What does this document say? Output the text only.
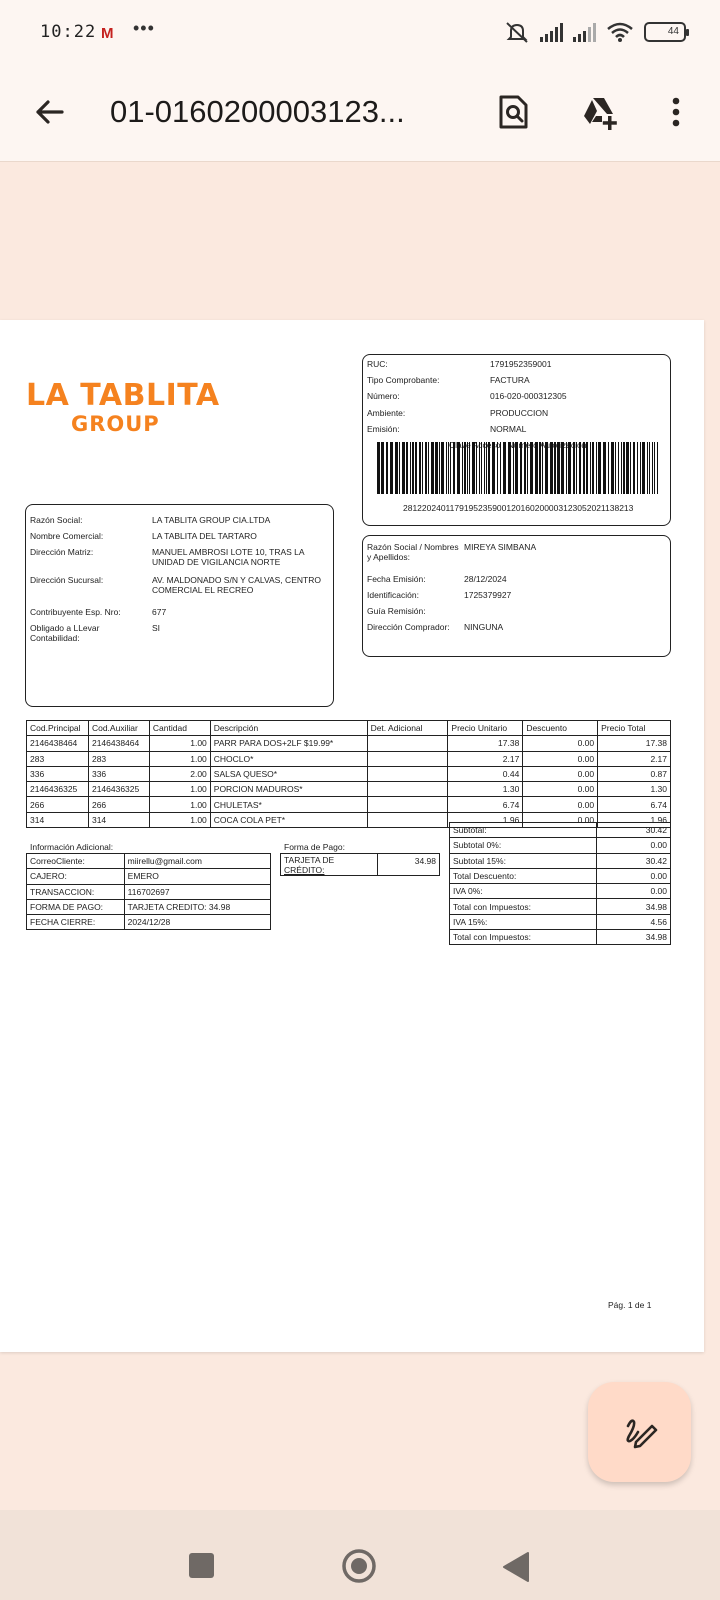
10:22 M •••	44
01-0160200003123...
LA TABLITA
GROUP
RUC:	1791952359001
Tipo Comprobante:	FACTURA
Número:	016-020-000312305
Ambiente:	PRODUCCION
Emisión:	NORMAL
Número
2812202401179195235900120160200003123052021138213
Razón Social:	LA TABLITA GROUP CIA.LTDA
Nombre Comercial:	LA TABLITA DEL TARTARO
Dirección Matriz:	MANUEL AMBROSI LOTE 10, TRAS LA
UNIDAD DE VIGILANCIA NORTE
Dirección Sucursal:	AV. MALDONADO S/N Y CALVAS, CENTRO
COMERCIAL EL RECREO
Contribuyente Esp. Nro:	677
Obligado a LLevar
Contabilidad:
SI
Razón Social / Nombres
y Apellidos:
MIREYA SIMBANA
Fecha Emisión:	28/12/2024
Identificación:	1725379927
Guía Remisión:
Dirección Comprador: NINGUNA
Cod.Principal	Cod.Auxiliar	Cantidad	Descripción	Det. Adicional	Precio Unitario	Descuento	Precio Total
2146438464	2146438464	1.00	PARR PARA DOS+2LF $19.99*		17.38	0.00	17.38
283	283	1.00	CHOCLO*		2.17	0.00	2.17
336	336	2.00	SALSA QUESO*		0.44	0.00	0.87
2146436325	2146436325	1.00	PORCION MADUROS*		1.30	0.00	1.30
266	266	1.00	CHULETAS*		6.74	0.00	6.74
314	314	1.00	COCA COLA PET*		1.96	0.00	1.96
Subtotal:	30.42
Subtotal 0%:	0.00
Subtotal 15%:	30.42
Total Descuento:	0.00
IVA 0%:	0.00
Total con Impuestos:	34.98
IVA 15%:	4.56
Total con Impuestos:	34.98
Información Adicional:
CorreoCliente:	miirellu@gmail.com
CAJERO:	EMERO
TRANSACCION:	116702697
FORMA DE PAGO:	TARJETA CREDITO: 34.98
FECHA CIERRE:	2024/12/28
Forma de Pago:
TARJETA DE
CRÉDITO:	34.98
Pág. 1 de 1
